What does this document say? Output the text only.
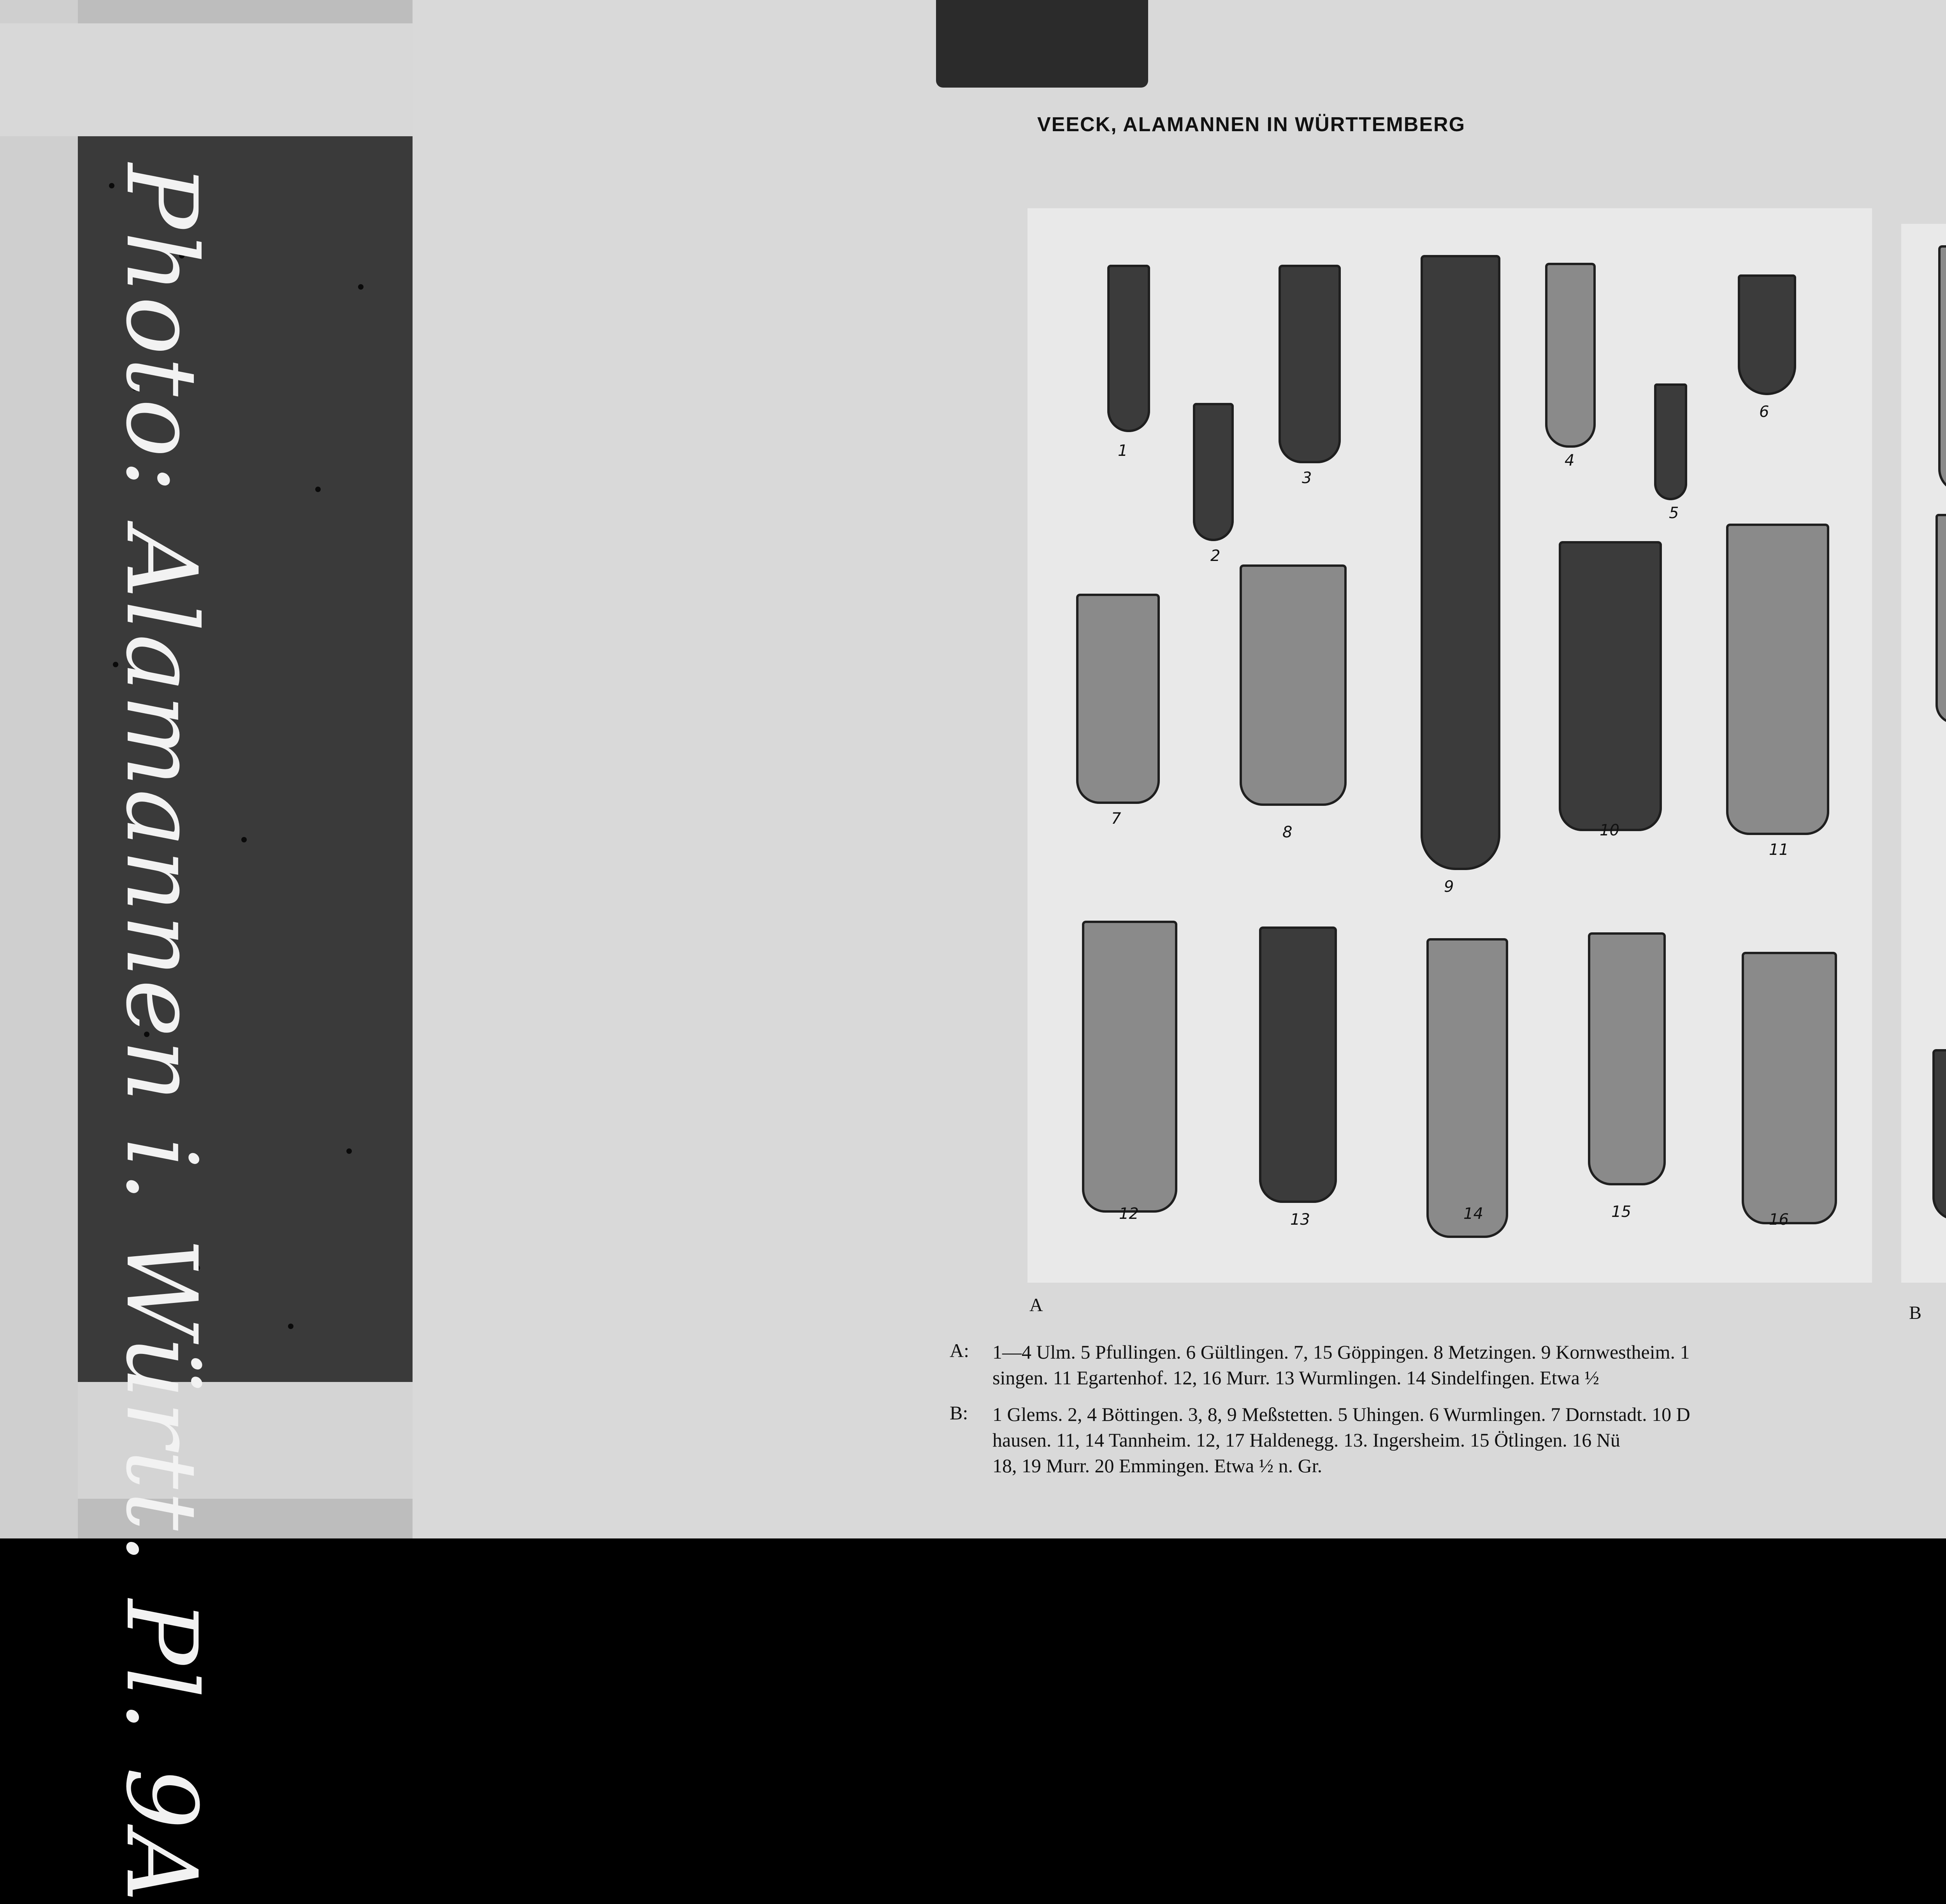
Photo: Alamannen i. Württ. Pl. 9A
VEECK, ALAMANNEN IN WÜRTTEMBERG
1
2
3
4
5
6
7
8
9
10
11
12	13	14	15	16
A	B
A: 1—4 Ulm. 5 Pfullingen. 6 Gültlingen. 7, 15 Göppingen. 8 Metzingen. 9 Kornwestheim. 1
singen. 11 Egartenhof. 12, 16 Murr. 13 Wurmlingen. 14 Sindelfingen. Etwa ½
B: 1 Glems. 2, 4 Böttingen. 3, 8, 9 Meßstetten. 5 Uhingen. 6 Wurmlingen. 7 Dornstadt. 10 D
hausen. 11, 14 Tannheim. 12, 17 Haldenegg. 13. Ingersheim. 15 Ötlingen. 16 Nü
18, 19 Murr. 20 Emmingen. Etwa ½ n. Gr.
